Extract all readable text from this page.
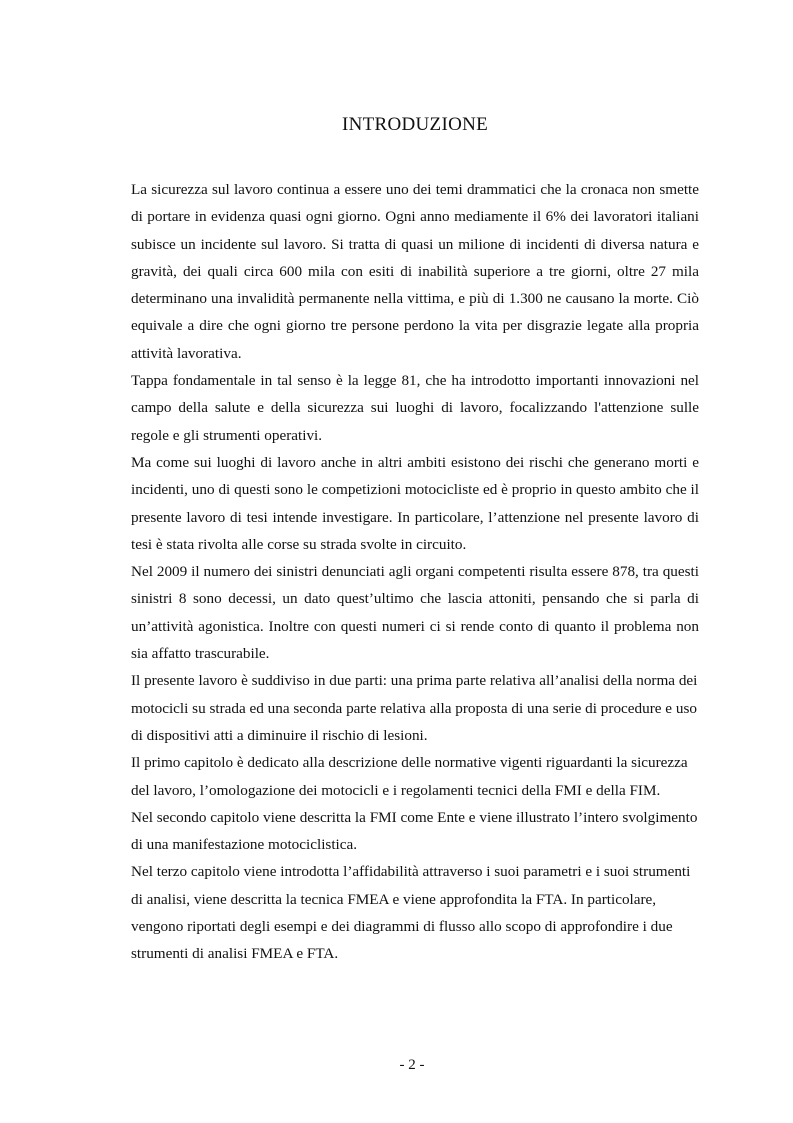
INTRODUZIONE

La sicurezza sul lavoro continua a essere uno dei temi drammatici che la cronaca non smette di portare in evidenza quasi ogni giorno. Ogni anno mediamente il 6% dei lavoratori italiani subisce un incidente sul lavoro. Si tratta di quasi un milione di incidenti di diversa natura e gravità, dei quali circa 600 mila con esiti di inabilità superiore a tre giorni, oltre 27 mila determinano una invalidità permanente nella vittima, e più di 1.300 ne causano la morte. Ciò equivale a dire che ogni giorno tre persone perdono la vita per disgrazie legate alla propria attività lavorativa.

Tappa fondamentale in tal senso è la legge 81, che ha introdotto importanti innovazioni nel campo della salute e della sicurezza sui luoghi di lavoro, focalizzando l'attenzione sulle regole e gli strumenti operativi.

Ma come sui luoghi di lavoro anche in altri ambiti esistono dei rischi che generano morti e incidenti, uno di questi sono le competizioni motociclistе ed è proprio in questo ambito che il presente lavoro di tesi intende investigare. In particolare, l’attenzione nel presente lavoro di tesi è stata rivolta alle corse su strada svolte in circuito.

Nel 2009 il numero dei sinistri denunciati agli organi competenti risulta essere 878, tra questi sinistri 8 sono decessi, un dato quest’ultimo che lascia attoniti, pensando che si parla di un’attività agonistica. Inoltre con questi numeri ci si rende conto di quanto il problema non sia affatto trascurabile.

Il presente lavoro è suddiviso in due parti: una prima parte relativa all’analisi della norma dei motocicli su strada ed una seconda parte relativa alla proposta di una serie di procedure e uso di dispositivi atti a diminuire il rischio di lesioni.

Il primo capitolo è dedicato alla descrizione delle normative vigenti riguardanti la sicurezza del lavoro, l’omologazione dei motocicli e i regolamenti tecnici della FMI e della FIM.

Nel secondo capitolo viene descritta la FMI come Ente e viene illustrato l’intero svolgimento di una manifestazione motociclistica.

Nel terzo capitolo viene introdotta l’affidabilità attraverso i suoi parametri e i suoi strumenti di analisi, viene descritta la tecnica FMEA e viene approfondita la FTA. In particolare, vengono riportati degli esempi e dei diagrammi di flusso allo scopo di approfondire i due strumenti di analisi FMEA e FTA.

- 2 -
